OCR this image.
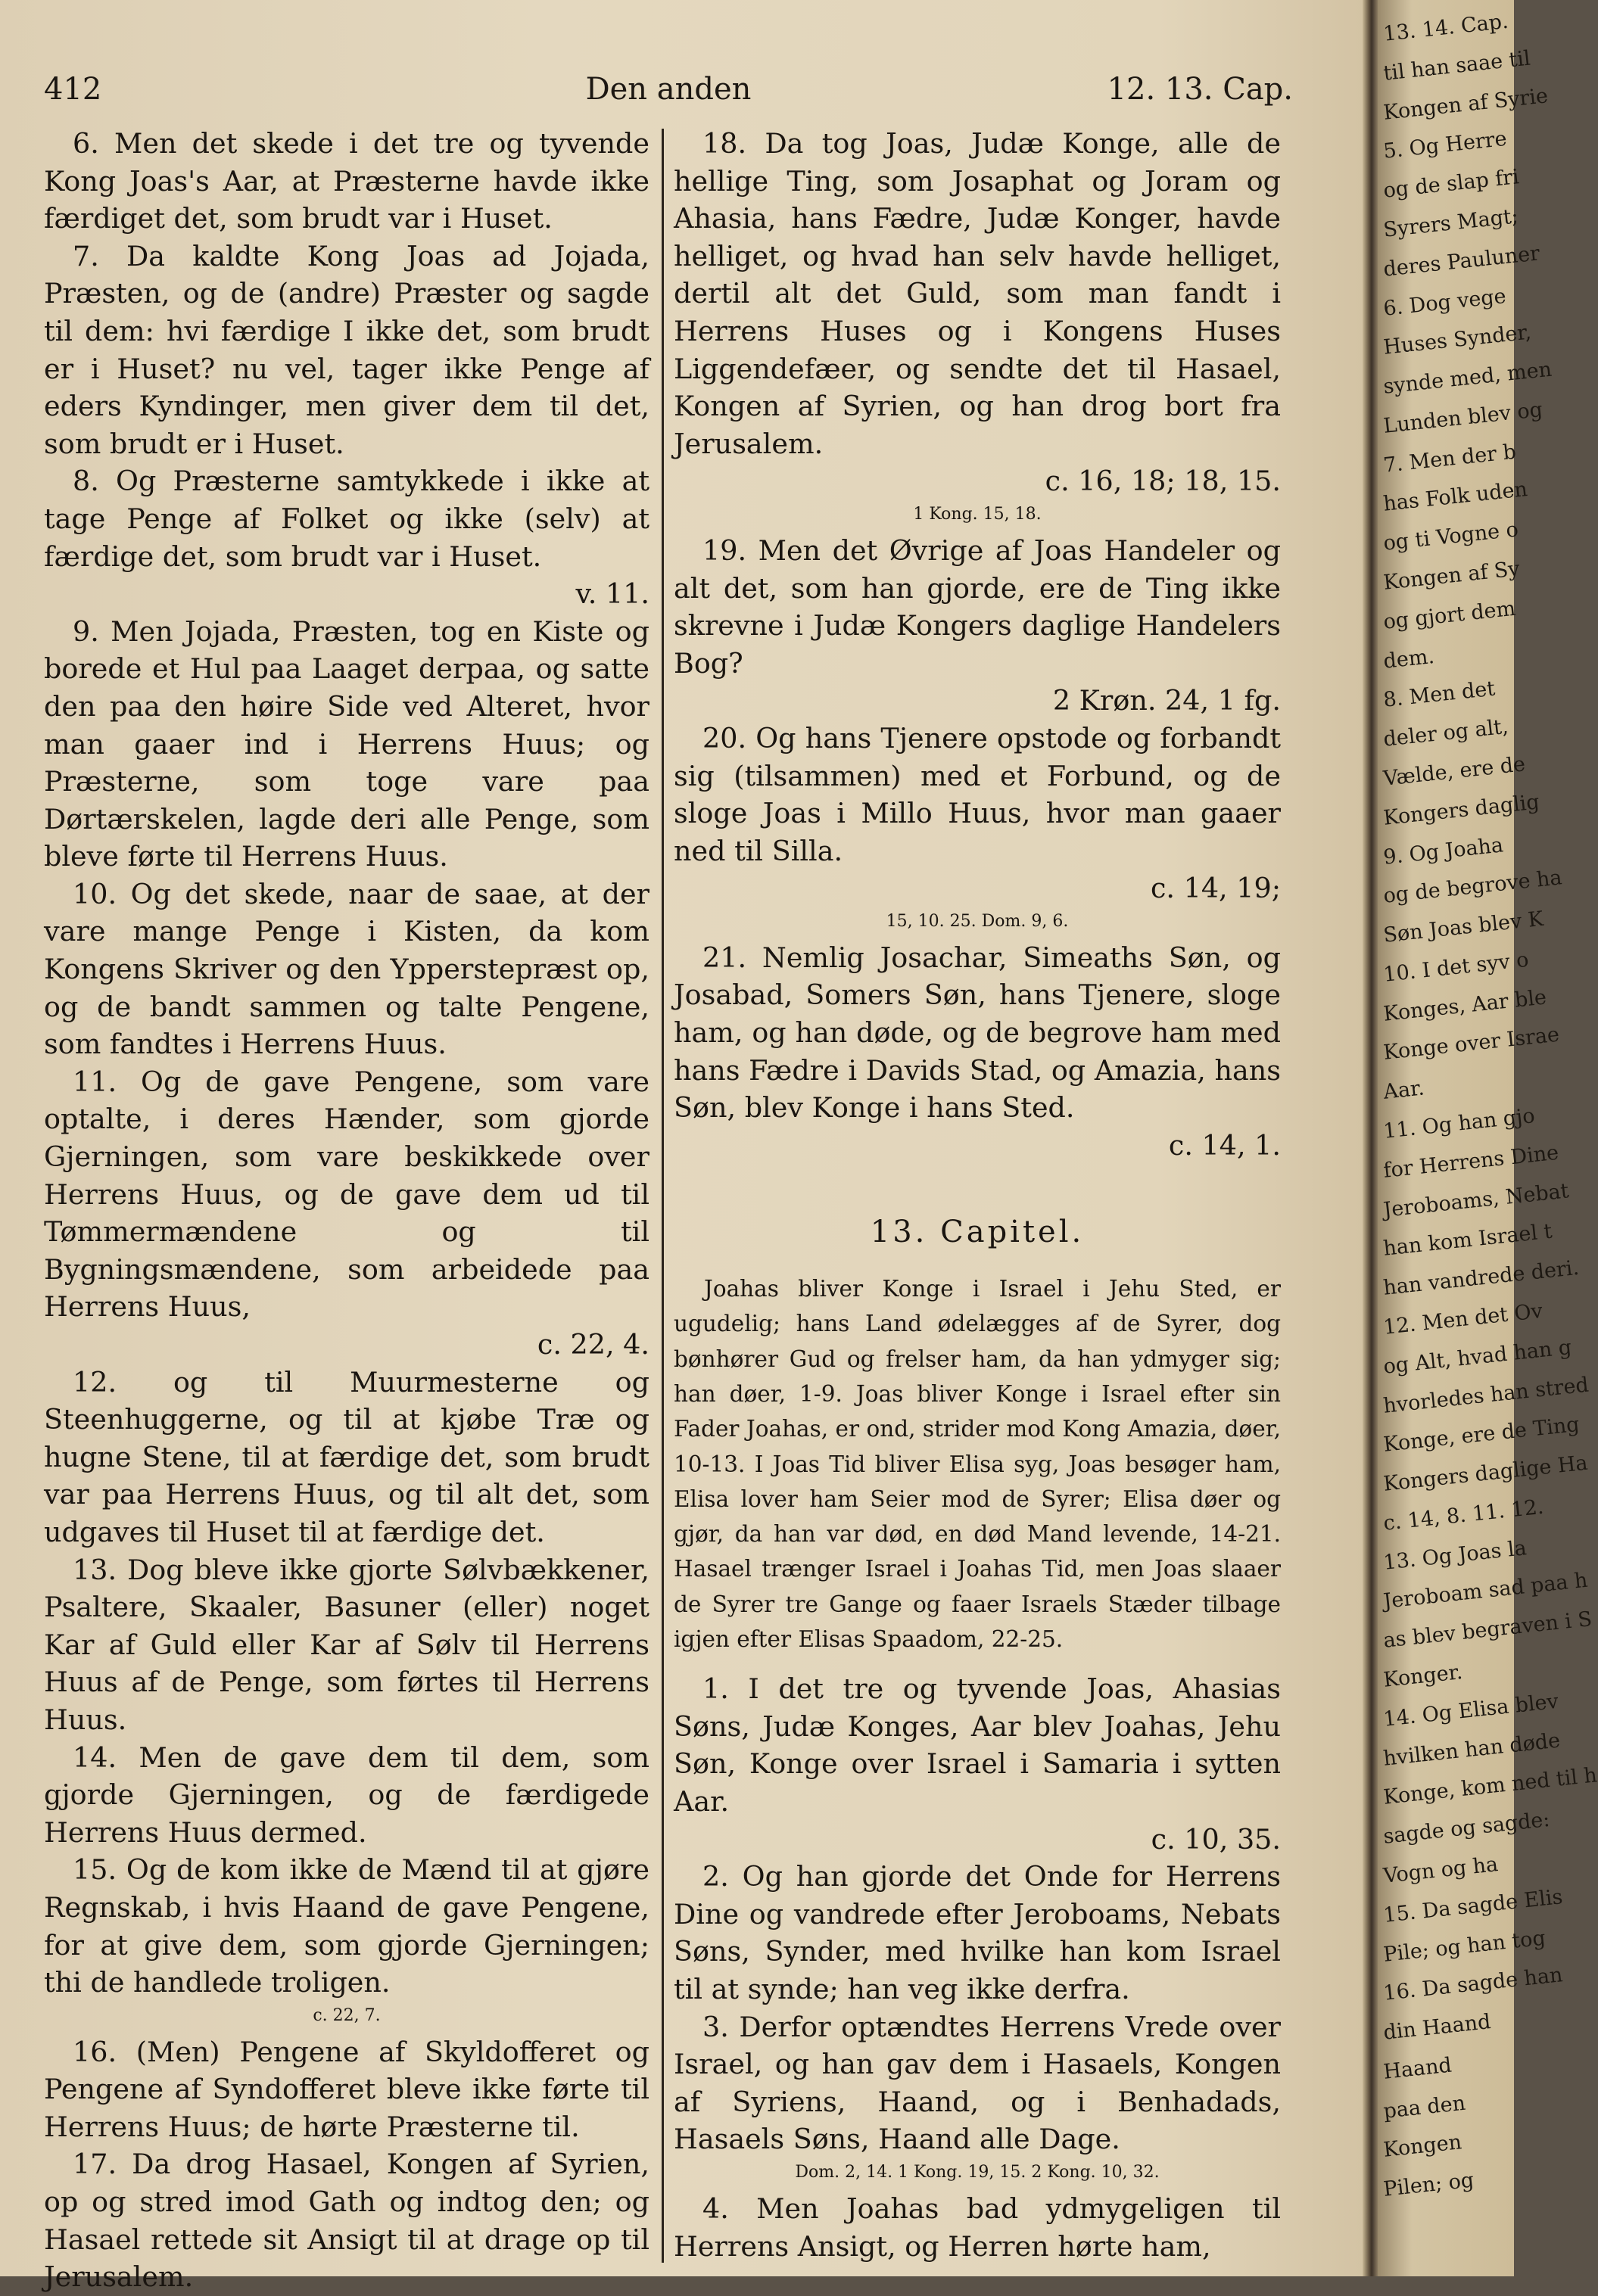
412	Den anden	12. 13. Cap.

6. Men det skede i det tre og tyvende Kong Joas's Aar, at Præsterne havde ikke færdiget det, som brudt var i Huset.

7. Da kaldte Kong Joas ad Jojada, Præsten, og de (andre) Præster og sagde til dem: hvi færdige I ikke det, som brudt er i Huset? nu vel, tager ikke Penge af eders Kyndinger, men giver dem til det, som brudt er i Huset.

8. Og Præsterne samtykkede i ikke at tage Penge af Folket og ikke (selv) at færdige det, som brudt var i Huset.

v. 11.

9. Men Jojada, Præsten, tog en Kiste og borede et Hul paa Laaget derpaa, og satte den paa den høire Side ved Alteret, hvor man gaaer ind i Herrens Huus; og Præsterne, som toge vare paa Dørtærskelen, lagde deri alle Penge, som bleve førte til Herrens Huus.

10. Og det skede, naar de saae, at der vare mange Penge i Kisten, da kom Kongens Skriver og den Ypperstepræst op, og de bandt sammen og talte Pengene, som fandtes i Herrens Huus.

11. Og de gave Pengene, som vare optalte, i deres Hænder, som gjorde Gjerningen, som vare beskikkede over Herrens Huus, og de gave dem ud til Tømmermændene og til Bygningsmændene, som arbeidede paa Herrens Huus,

c. 22, 4.

12. og til Muurmesterne og Steenhuggerne, og til at kjøbe Træ og hugne Stene, til at færdige det, som brudt var paa Herrens Huus, og til alt det, som udgaves til Huset til at færdige det.

13. Dog bleve ikke gjorte Sølvbækkener, Psaltere, Skaaler, Basuner (eller) noget Kar af Guld eller Kar af Sølv til Herrens Huus af de Penge, som førtes til Herrens Huus.

14. Men de gave dem til dem, som gjorde Gjerningen, og de færdigede Herrens Huus dermed.

15. Og de kom ikke de Mænd til at gjøre Regnskab, i hvis Haand de gave Pengene, for at give dem, som gjorde Gjerningen; thi de handlede troligen.

c. 22, 7.

16. (Men) Pengene af Skyldofferet og Pengene af Syndofferet bleve ikke førte til Herrens Huus; de hørte Præsterne til.

17. Da drog Hasael, Kongen af Syrien, op og stred imod Gath og indtog den; og Hasael rettede sit Ansigt til at drage op til Jerusalem.

18. Da tog Joas, Judæ Konge, alle de hellige Ting, som Josaphat og Joram og Ahasia, hans Fædre, Judæ Konger, havde helliget, og hvad han selv havde helliget, dertil alt det Guld, som man fandt i Herrens Huses og i Kongens Huses Liggendefæer, og sendte det til Hasael, Kongen af Syrien, og han drog bort fra Jerusalem.

c. 16, 18; 18, 15.

1 Kong. 15, 18.

19. Men det Øvrige af Joas Handeler og alt det, som han gjorde, ere de Ting ikke skrevne i Judæ Kongers daglige Handelers Bog?

2 Krøn. 24, 1 fg.

20. Og hans Tjenere opstode og forbandt sig (tilsammen) med et Forbund, og de sloge Joas i Millo Huus, hvor man gaaer ned til Silla.

c. 14, 19;

15, 10. 25. Dom. 9, 6.

21. Nemlig Josachar, Simeaths Søn, og Josabad, Somers Søn, hans Tjenere, sloge ham, og han døde, og de begrove ham med hans Fædre i Davids Stad, og Amazia, hans Søn, blev Konge i hans Sted.

c. 14, 1.

13. Capitel.

Joahas bliver Konge i Israel i Jehu Sted, er ugudelig; hans Land ødelægges af de Syrer, dog bønhører Gud og frelser ham, da han ydmyger sig; han døer, 1-9. Joas bliver Konge i Israel efter sin Fader Joahas, er ond, strider mod Kong Amazia, døer, 10-13. I Joas Tid bliver Elisa syg, Joas besøger ham, Elisa lover ham Seier mod de Syrer; Elisa døer og gjør, da han var død, en død Mand levende, 14-21. Hasael trænger Israel i Joahas Tid, men Joas slaaer de Syrer tre Gange og faaer Israels Stæder tilbage igjen efter Elisas Spaadom, 22-25.

1. I det tre og tyvende Joas, Ahasias Søns, Judæ Konges, Aar blev Joahas, Jehu Søn, Konge over Israel i Samaria i sytten Aar.

c. 10, 35.

2. Og han gjorde det Onde for Herrens Dine og vandrede efter Jeroboams, Nebats Søns, Synder, med hvilke han kom Israel til at synde; han veg ikke derfra.

3. Derfor optændtes Herrens Vrede over Israel, og han gav dem i Hasaels, Kongen af Syriens, Haand, og i Benhadads, Hasaels Søns, Haand alle Dage.

Dom. 2, 14. 1 Kong. 19, 15. 2 Kong. 10, 32.

4. Men Joahas bad ydmygeligen til Herrens Ansigt, og Herren hørte ham,

13. 14. Cap.
til han saae til
Kongen af Syrie
5. Og Herre
og de slap fri
Syrers Magt;
deres Pauluner
6. Dog vege
Huses Synder,
synde med, men
Lunden blev og
7. Men der b
has Folk uden
og ti Vogne o
Kongen af Sy
og gjort dem
dem.
8. Men det
deler og alt,
Vælde, ere de
Kongers daglig
9. Og Joaha
og de begrove ha
Søn Joas blev K
10. I det syv o
Konges, Aar ble
Konge over Israe
Aar.
11. Og han gjo
for Herrens Dine
Jeroboams, Nebat
han kom Israel t
han vandrede deri.
12. Men det Ov
og Alt, hvad han g
hvorledes han stred
Konge, ere de Ting
Kongers daglige Ha
c. 14, 8. 11. 12.
13. Og Joas la
Jeroboam sad paa h
as blev begraven i S
Konger.
14. Og Elisa blev
hvilken han døde
Konge, kom ned til h
sagde og sagde:
Vogn og ha
15. Da sagde Elis
Pile; og han tog
16. Da sagde han
din Haand
Haand
paa den
Kongen
Pilen; og
